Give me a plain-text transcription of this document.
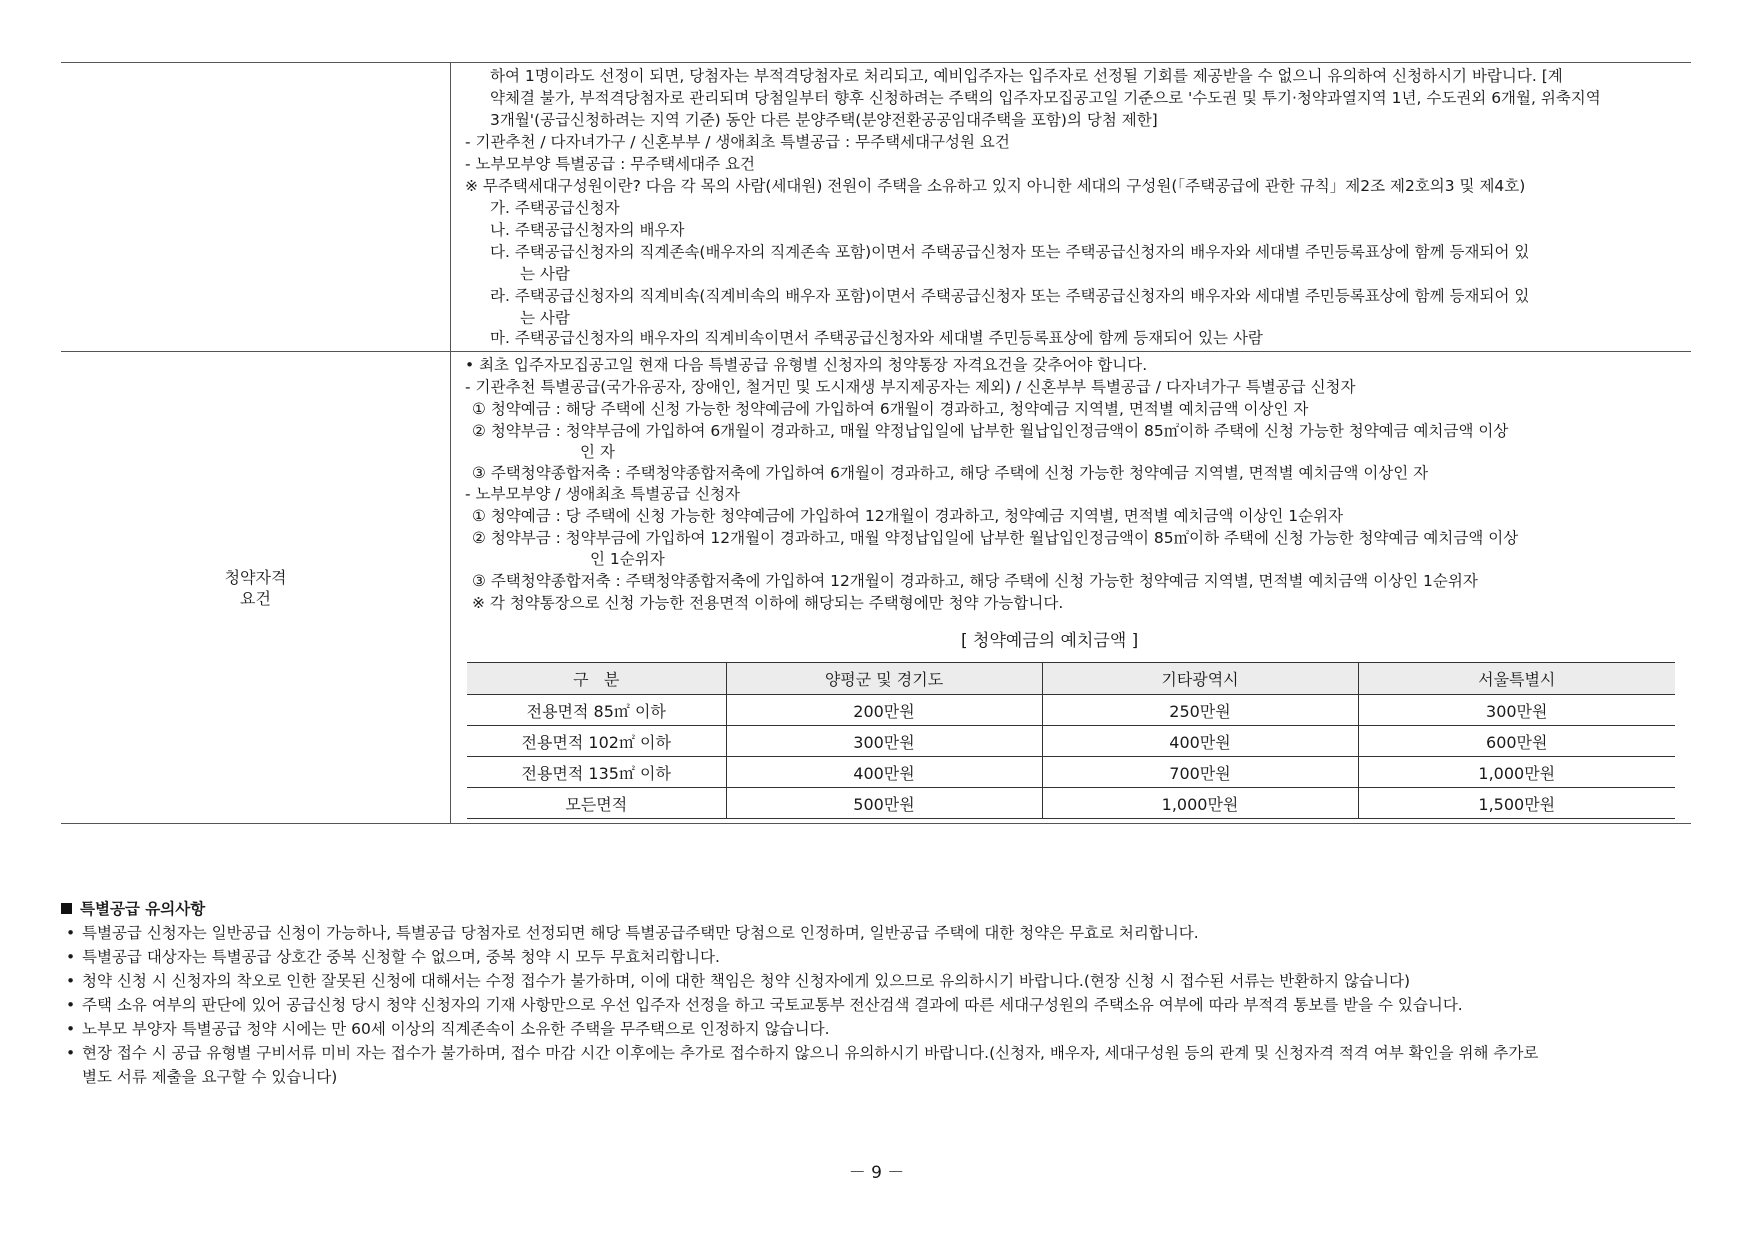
하여 1명이라도 선정이 되면, 당첨자는 부적격당첨자로 처리되고, 예비입주자는 입주자로 선정될 기회를 제공받을 수 없으니 유의하여 신청하시기 바랍니다. [계
약체결 불가, 부적격당첨자로 관리되며 당첨일부터 향후 신청하려는 주택의 입주자모집공고일 기준으로 '수도권 및 투기·청약과열지역 1년, 수도권외 6개월, 위축지역
3개월'(공급신청하려는 지역 기준) 동안 다른 분양주택(분양전환공공임대주택을 포함)의 당첨 제한]
- 기관추천 / 다자녀가구 / 신혼부부 / 생애최초 특별공급 : 무주택세대구성원 요건
- 노부모부양 특별공급 : 무주택세대주 요건
※ 무주택세대구성원이란? 다음 각 목의 사람(세대원) 전원이 주택을 소유하고 있지 아니한 세대의 구성원(「주택공급에 관한 규칙」제2조 제2호의3 및 제4호)
가. 주택공급신청자
나. 주택공급신청자의 배우자
다. 주택공급신청자의 직계존속(배우자의 직계존속 포함)이면서 주택공급신청자 또는 주택공급신청자의 배우자와 세대별 주민등록표상에 함께 등재되어 있
는 사람
라. 주택공급신청자의 직계비속(직계비속의 배우자 포함)이면서 주택공급신청자 또는 주택공급신청자의 배우자와 세대별 주민등록표상에 함께 등재되어 있
는 사람
마. 주택공급신청자의 배우자의 직계비속이면서 주택공급신청자와 세대별 주민등록표상에 함께 등재되어 있는 사람
청약자격
요건
• 최초 입주자모집공고일 현재 다음 특별공급 유형별 신청자의 청약통장 자격요건을 갖추어야 합니다.
- 기관추천 특별공급(국가유공자, 장애인, 철거민 및 도시재생 부지제공자는 제외) / 신혼부부 특별공급 / 다자녀가구 특별공급 신청자
① 청약예금 : 해당 주택에 신청 가능한 청약예금에 가입하여 6개월이 경과하고, 청약예금 지역별, 면적별 예치금액 이상인 자
② 청약부금 : 청약부금에 가입하여 6개월이 경과하고, 매월 약정납입일에 납부한 월납입인정금액이 85㎡이하 주택에 신청 가능한 청약예금 예치금액 이상
인 자
③ 주택청약종합저축 : 주택청약종합저축에 가입하여 6개월이 경과하고, 해당 주택에 신청 가능한 청약예금 지역별, 면적별 예치금액 이상인 자
- 노부모부양 / 생애최초 특별공급 신청자
① 청약예금 : 당 주택에 신청 가능한 청약예금에 가입하여 12개월이 경과하고, 청약예금 지역별, 면적별 예치금액 이상인 1순위자
② 청약부금 : 청약부금에 가입하여 12개월이 경과하고, 매월 약정납입일에 납부한 월납입인정금액이 85㎡이하 주택에 신청 가능한 청약예금 예치금액 이상
인 1순위자
③ 주택청약종합저축 : 주택청약종합저축에 가입하여 12개월이 경과하고, 해당 주택에 신청 가능한 청약예금 지역별, 면적별 예치금액 이상인 1순위자
※ 각 청약통장으로 신청 가능한 전용면적 이하에 해당되는 주택형에만 청약 가능합니다.
[ 청약예금의 예치금액 ]
구   분	양평군 및 경기도	기타광역시	서울특별시
전용면적 85㎡ 이하	200만원	250만원	300만원
전용면적 102㎡ 이하	300만원	400만원	600만원
전용면적 135㎡ 이하	400만원	700만원	1,000만원
모든면적	500만원	1,000만원	1,500만원
특별공급 유의사항
• 특별공급 신청자는 일반공급 신청이 가능하나, 특별공급 당첨자로 선정되면 해당 특별공급주택만 당첨으로 인정하며, 일반공급 주택에 대한 청약은 무효로 처리합니다.
• 특별공급 대상자는 특별공급 상호간 중복 신청할 수 없으며, 중복 청약 시 모두 무효처리합니다.
• 청약 신청 시 신청자의 착오로 인한 잘못된 신청에 대해서는 수정 접수가 불가하며, 이에 대한 책임은 청약 신청자에게 있으므로 유의하시기 바랍니다.(현장 신청 시 접수된 서류는 반환하지 않습니다)
• 주택 소유 여부의 판단에 있어 공급신청 당시 청약 신청자의 기재 사항만으로 우선 입주자 선정을 하고 국토교통부 전산검색 결과에 따른 세대구성원의 주택소유 여부에 따라 부적격 통보를 받을 수 있습니다.
• 노부모 부양자 특별공급 청약 시에는 만 60세 이상의 직계존속이 소유한 주택을 무주택으로 인정하지 않습니다.
• 현장 접수 시 공급 유형별 구비서류 미비 자는 접수가 불가하며, 접수 마감 시간 이후에는 추가로 접수하지 않으니 유의하시기 바랍니다.(신청자, 배우자, 세대구성원 등의 관계 및 신청자격 적격 여부 확인을 위해 추가로
별도 서류 제출을 요구할 수 있습니다)
－ 9 －
